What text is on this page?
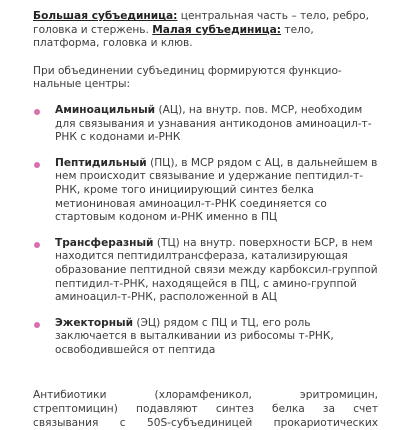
Большая субъединица: центральная часть – тело, ребро, головка и стержень. Малая субъединица: тело, платформа, головка и клюв.

При объединении субъединиц формируются функцио-нальные центры:

Аминоацильный (АЦ), на внутр. пов. МСР, необходим для связывания и узнавания антикодонов аминоацил-т-РНК с кодонами и-РНК
Пептидильный (ПЦ), в МСР рядом с АЦ, в дальнейшем в нем происходит связывание и удержание пептидил-т-РНК, кроме того инициирующий синтез белка метиониновая аминоацил-т-РНК соединяется со стартовым кодоном и-РНК именно в ПЦ
Трансферазный (ТЦ) на внутр. поверхности БСР, в нем находится пептидилтрансфераза, катализирующая образование пептидной связи между карбоксил-группой пептидил-т-РНК, находящейся в ПЦ, с амино-группой аминоацил-т-РНК, расположенной в АЦ
Эжекторный (ЭЦ) рядом с ПЦ и ТЦ, его роль заключается в выталкивании из рибосомы т-РНК, освободившейся от пептида
Антибиотики (хлорамфеникол, эритромицин,
стрептомицин) подавляют синтез белка за счет
связывания с 50S-субъединицей прокариотических
